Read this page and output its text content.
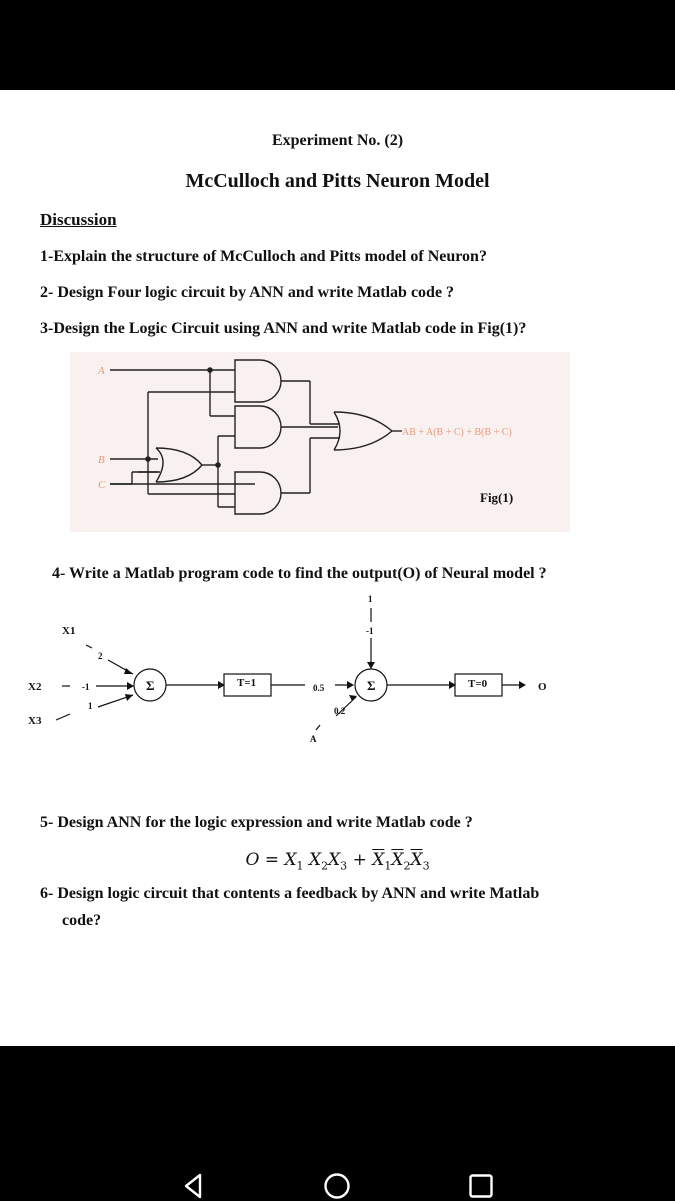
Experiment No. (2)
McCulloch and Pitts Neuron Model
Discussion
1-Explain the structure of McCulloch and Pitts model of Neuron?
2- Design Four logic circuit by ANN and write Matlab code ?
3-Design the Logic Circuit using ANN and write Matlab code in Fig(1)?
A
B
C
AB + A(B + C) + B(B + C)
Fig(1)
4- Write a Matlab program code to find the output(O) of Neural model ?
X1
X2
X3
2
-1
1
Σ	T=1	0.5
1
-1
Σ	T=0
0.2
A
O
5- Design ANN for the logic expression and write Matlab code ?
$O = X_1$ $X_2X_3 + \overline{X}_1\overline{X}_2\overline{X}_3$
6- Design logic circuit that contents a feedback by ANN and write Matlab
code?
